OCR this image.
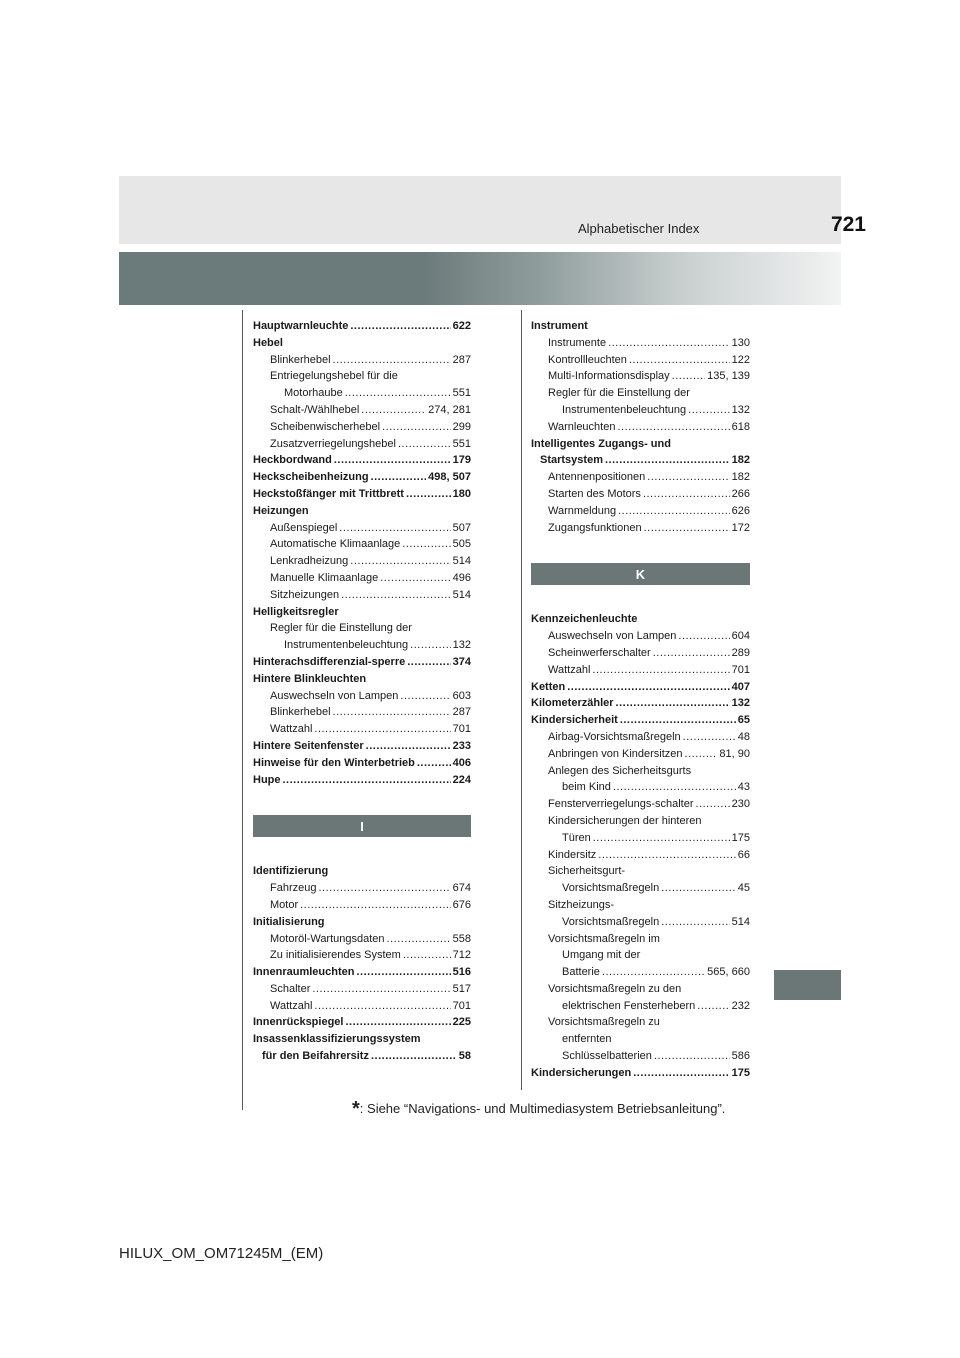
721
Alphabetischer Index
Hauptwarnleuchte .....	622
Hebel
Blinkerhebel .....	287
Entriegelungshebel für die
Motorhaube .....	551
Schalt-/Wählhebel .....	274, 281
Scheibenwischerhebel .....	299
Zusatzverriegelungshebel .....	551
Heckbordwand .....	179
Heckscheibenheizung .....	498, 507
Heckstoßfänger mit Trittbrett .....	180
Heizungen
Außenspiegel .....	507
Automatische Klimaanlage .....	505
Lenkradheizung .....	514
Manuelle Klimaanlage .....	496
Sitzheizungen .....	514
Helligkeitsregler
Regler für die Einstellung der
Instrumentenbeleuchtung .....	132
Hinterachsdifferenzial-sperre .....	374
Hintere Blinkleuchten
Auswechseln von Lampen .....	603
Blinkerhebel .....	287
Wattzahl .....	701
Hintere Seitenfenster .....	233
Hinweise für den Winterbetrieb .....	406
Hupe .....	224
I
Identifizierung
Fahrzeug .....	674
Motor .....	676
Initialisierung
Motoröl-Wartungsdaten .....	558
Zu initialisierendes System .....	712
Innenraumleuchten .....	516
Schalter .....	517
Wattzahl .....	701
Innenrückspiegel .....	225
Insassenklassifizierungssystem
für den Beifahrersitz .....	58
Instrument
Instrumente .....	130
Kontrollleuchten .....	122
Multi-Informationsdisplay .....	135, 139
Regler für die Einstellung der
Instrumentenbeleuchtung .....	132
Warnleuchten .....	618
Intelligentes Zugangs- und
Startsystem .....	182
Antennenpositionen .....	182
Starten des Motors .....	266
Warnmeldung .....	626
Zugangsfunktionen .....	172
K
Kennzeichenleuchte
Auswechseln von Lampen .....	604
Scheinwerferschalter .....	289
Wattzahl .....	701
Ketten .....	407
Kilometerzähler .....	132
Kindersicherheit .....	65
Airbag-Vorsichtsmaßregeln .....	48
Anbringen von Kindersitzen .....	81, 90
Anlegen des Sicherheitsgurts
beim Kind .....	43
Fensterverriegelungs-schalter .....	230
Kindersicherungen der hinteren
Türen .....	175
Kindersitz .....	66
Sicherheitsgurt-
Vorsichtsmaßregeln .....	45
Sitzheizungs-
Vorsichtsmaßregeln .....	514
Vorsichtsmaßregeln im
Umgang mit der
Batterie .....	565, 660
Vorsichtsmaßregeln zu den
elektrischen Fensterhebern .....	232
Vorsichtsmaßregeln zu
entfernten
Schlüsselbatterien .....	586
Kindersicherungen .....	175
*: Siehe “Navigations- und Multimediasystem Betriebsanleitung”.
HILUX_OM_OM71245M_(EM)
